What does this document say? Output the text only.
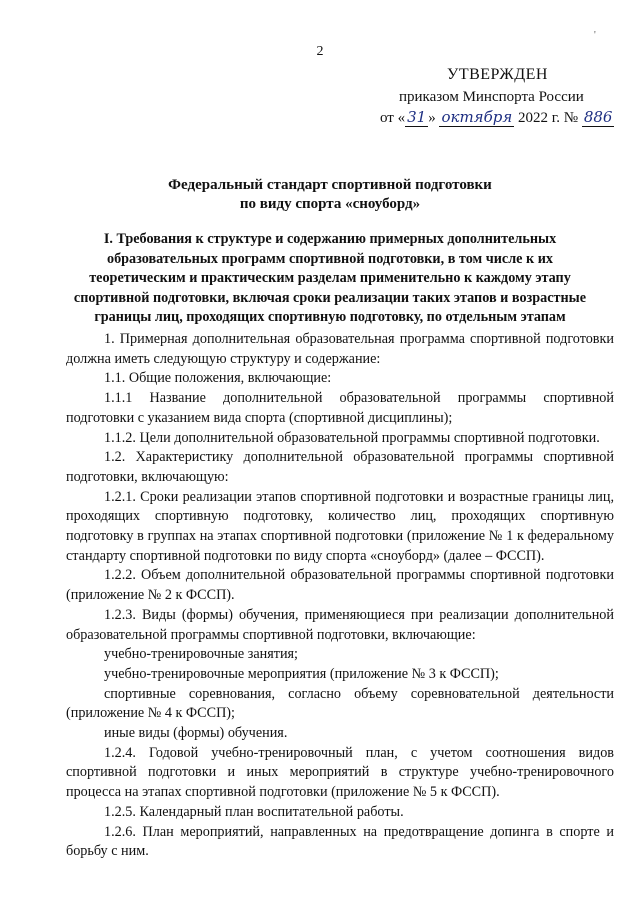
2
'
УТВЕРЖДЕН
приказом Минспорта России
от « 31 » октября 2022 г. № 886
Федеральный стандарт спортивной подготовки
по виду спорта «сноуборд»
I. Требования к структуре и содержанию примерных дополнительных образовательных программ спортивной подготовки, в том числе к их теоретическим и практическим разделам применительно к каждому этапу спортивной подготовки, включая сроки реализации таких этапов и возрастные границы лиц, проходящих спортивную подготовку, по отдельным этапам

1. Примерная дополнительная образовательная программа спортивной подготовки должна иметь следующую структуру и содержание:

1.1. Общие положения, включающие:

1.1.1 Название дополнительной образовательной программы спортивной подготовки с указанием вида спорта (спортивной дисциплины);

1.1.2. Цели дополнительной образовательной программы спортивной подготовки.

1.2. Характеристику дополнительной образовательной программы спортивной подготовки, включающую:

1.2.1. Сроки реализации этапов спортивной подготовки и возрастные границы лиц, проходящих спортивную подготовку, количество лиц, проходящих спортивную подготовку в группах на этапах спортивной подготовки (приложение № 1 к федеральному стандарту спортивной подготовки по виду спорта «сноуборд» (далее – ФССП).

1.2.2. Объем дополнительной образовательной программы спортивной подготовки (приложение № 2 к ФССП).

1.2.3. Виды (формы) обучения, применяющиеся при реализации дополнительной образовательной программы спортивной подготовки, включающие:

учебно-тренировочные занятия;

учебно-тренировочные мероприятия (приложение № 3 к ФССП);

спортивные соревнования, согласно объему соревновательной деятельности (приложение № 4 к ФССП);

иные виды (формы) обучения.

1.2.4. Годовой учебно-тренировочный план, с учетом соотношения видов спортивной подготовки и иных мероприятий в структуре учебно-тренировочного процесса на этапах спортивной подготовки (приложение № 5 к ФССП).

1.2.5. Календарный план воспитательной работы.

1.2.6. План мероприятий, направленных на предотвращение допинга в спорте и борьбу с ним.
